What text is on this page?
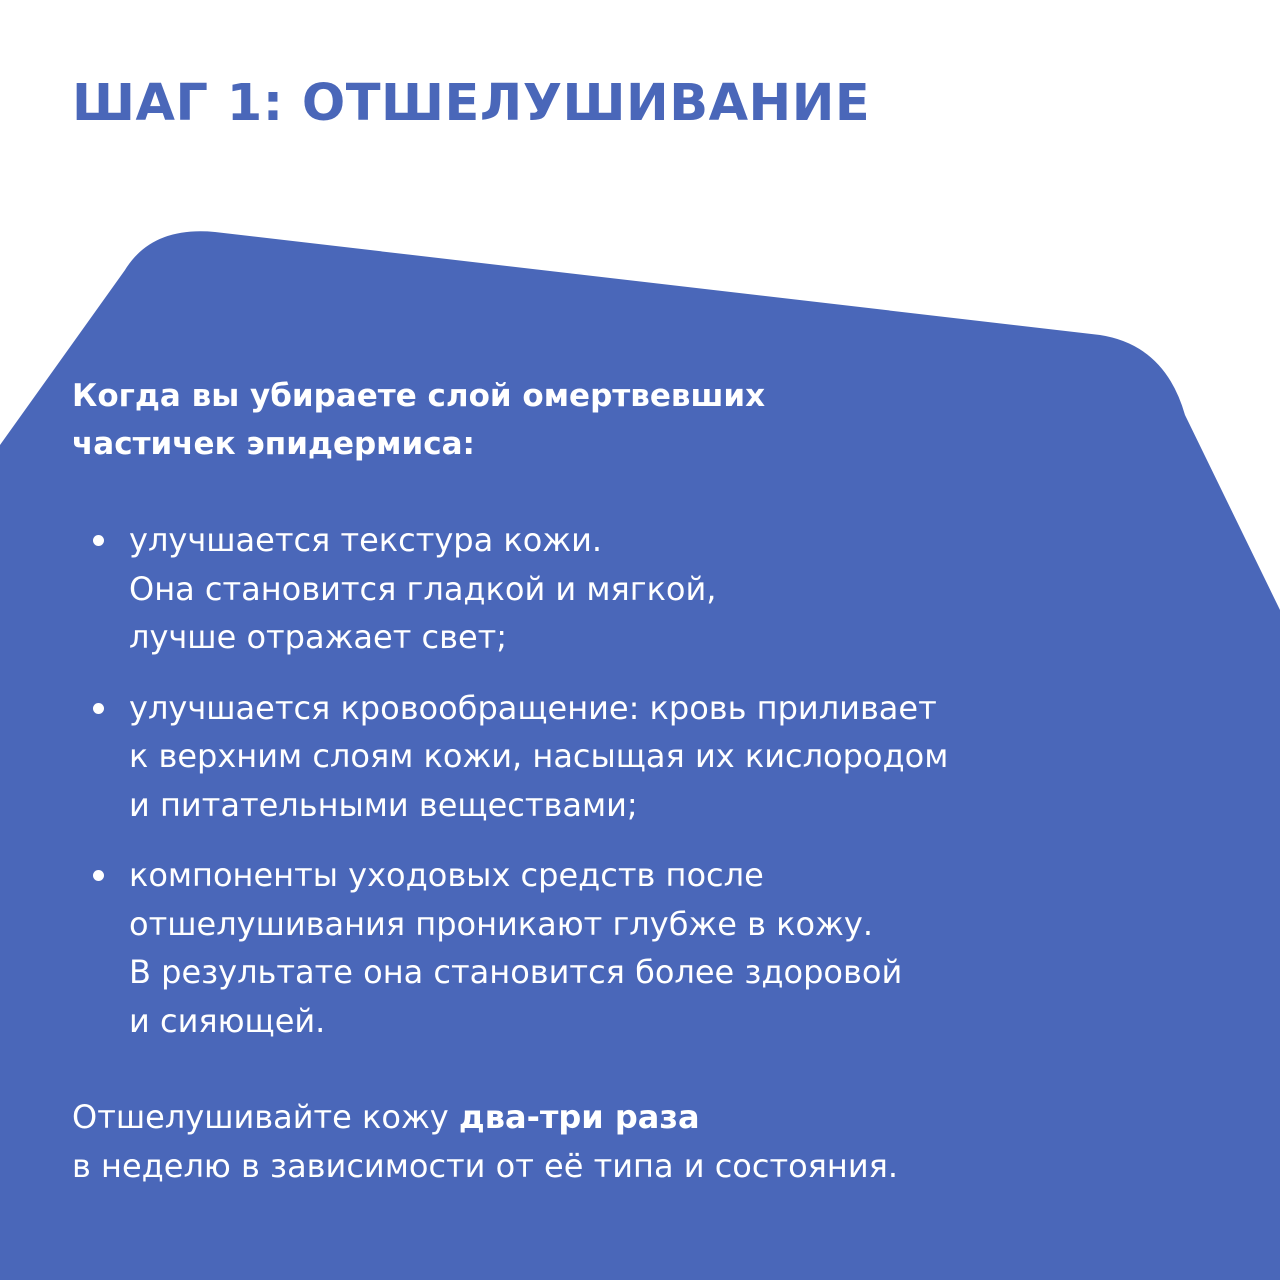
ШАГ 1: ОТШЕЛУШИВАНИЕ

Когда вы убираете слой омертвевших
частичек эпидермиса:

улучшается текстура кожи.
Она становится гладкой и мягкой,
лучше отражает свет;
улучшается кровообращение: кровь приливает
к верхним слоям кожи, насыщая их кислородом
и питательными веществами;
компоненты уходовых средств после
отшелушивания проникают глубже в кожу.
В результате она становится более здоровой
и сияющей.

Отшелушивайте кожу два-три раза
в неделю в зависимости от её типа и состояния.
